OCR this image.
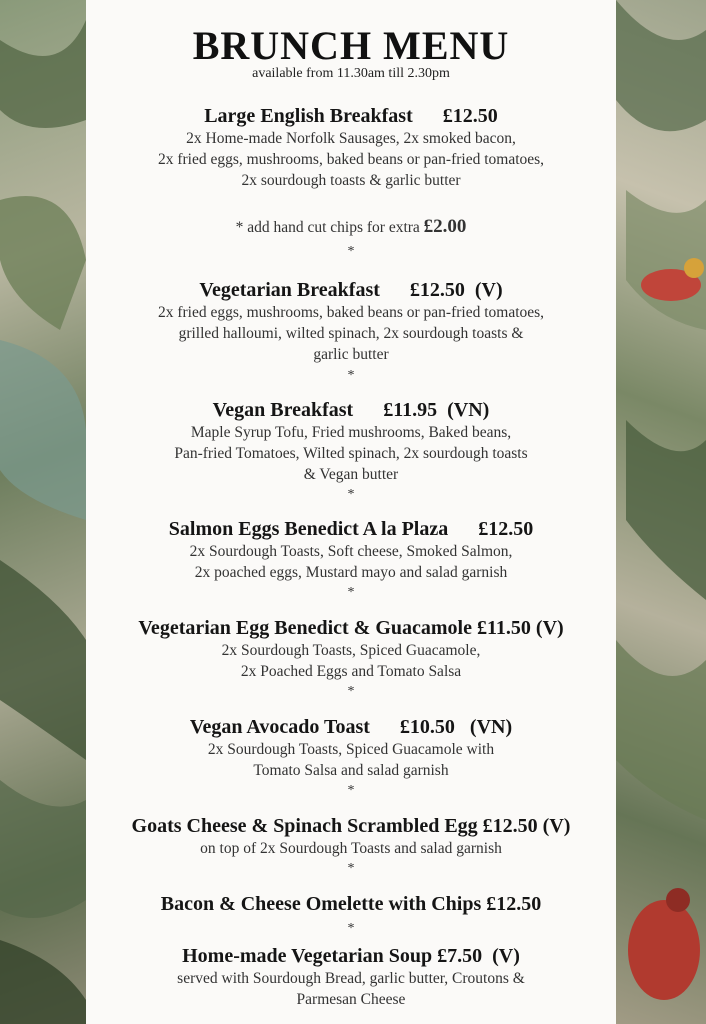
BRUNCH MENU
available from 11.30am till 2.30pm
Large English Breakfast £12.50
2x Home-made Norfolk Sausages, 2x smoked bacon,
2x fried eggs, mushrooms, baked beans or pan-fried tomatoes,
2x sourdough toasts & garlic butter
* add hand cut chips for extra £2.00
*
Vegetarian Breakfast £12.50 (V)
2x fried eggs, mushrooms, baked beans or pan-fried tomatoes,
grilled halloumi, wilted spinach, 2x sourdough toasts &
garlic butter
*
Vegan Breakfast £11.95 (VN)
Maple Syrup Tofu, Fried mushrooms, Baked beans,
Pan-fried Tomatoes, Wilted spinach, 2x sourdough toasts
& Vegan butter
*
Salmon Eggs Benedict A la Plaza £12.50
2x Sourdough Toasts, Soft cheese, Smoked Salmon,
2x poached eggs, Mustard mayo and salad garnish
*
Vegetarian Egg Benedict & Guacamole £11.50 (V)
2x Sourdough Toasts, Spiced Guacamole,
2x Poached Eggs and Tomato Salsa
*
Vegan Avocado Toast £10.50 (VN)
2x Sourdough Toasts, Spiced Guacamole with
Tomato Salsa and salad garnish
*
Goats Cheese & Spinach Scrambled Egg £12.50 (V)
on top of 2x Sourdough Toasts and salad garnish
*
Bacon & Cheese Omelette with Chips £12.50
*
Home-made Vegetarian Soup £7.50 (V)
served with Sourdough Bread, garlic butter, Croutons &
Parmesan Cheese
